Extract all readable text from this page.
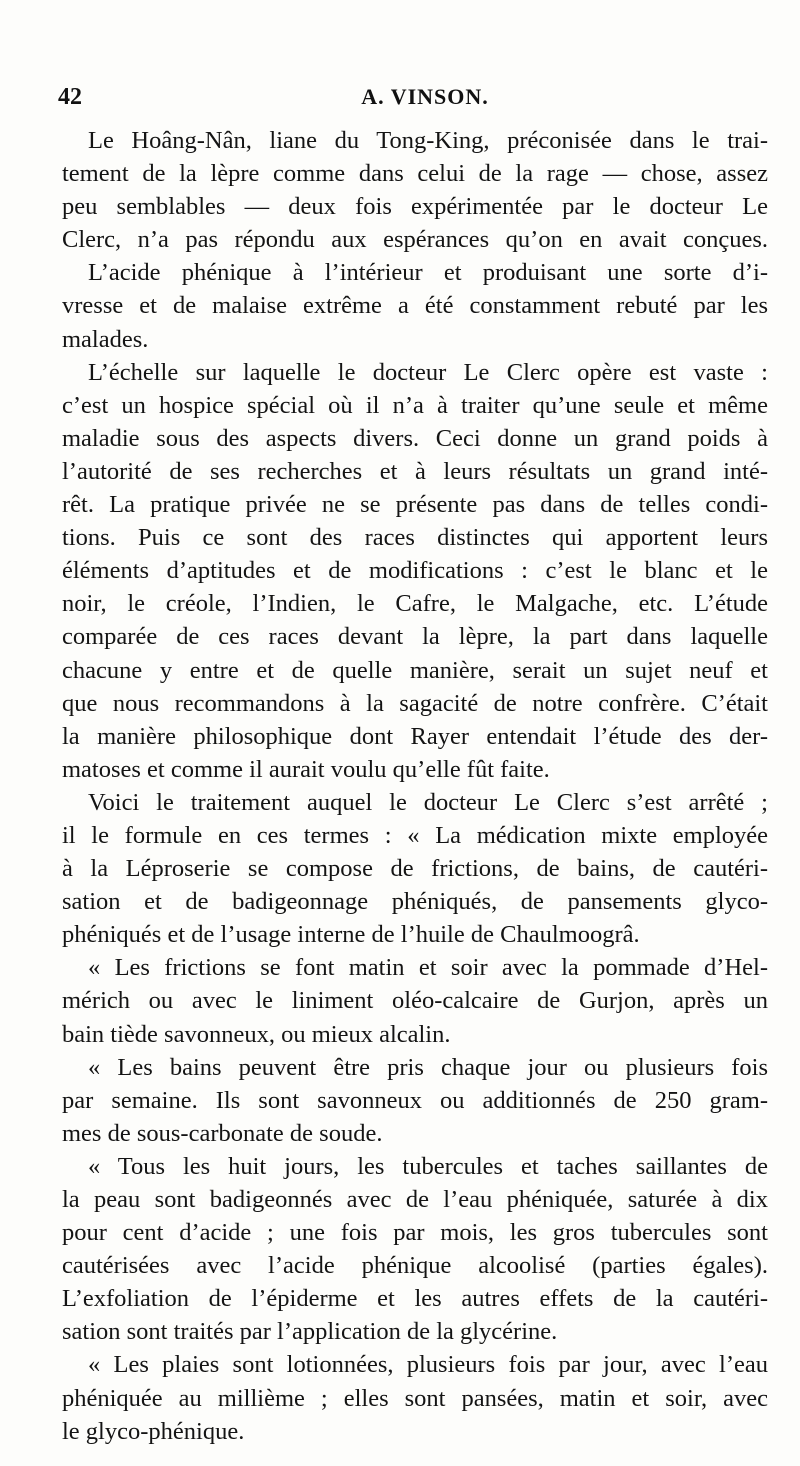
42	A. VINSON.
Le Hoâng-Nân, liane du Tong-King, préconisée dans le trai-
tement de la lèpre comme dans celui de la rage — chose, assez
peu semblables — deux fois expérimentée par le docteur Le
Clerc, n’a pas répondu aux espérances qu’on en avait conçues.
L’acide phénique à l’intérieur et produisant une sorte d’i-
vresse et de malaise extrême a été constamment rebuté par les
malades.
L’échelle sur laquelle le docteur Le Clerc opère est vaste :
c’est un hospice spécial où il n’a à traiter qu’une seule et même
maladie sous des aspects divers. Ceci donne un grand poids à
l’autorité de ses recherches et à leurs résultats un grand inté-
rêt. La pratique privée ne se présente pas dans de telles condi-
tions. Puis ce sont des races distinctes qui apportent leurs
éléments d’aptitudes et de modifications : c’est le blanc et le
noir, le créole, l’Indien, le Cafre, le Malgache, etc. L’étude
comparée de ces races devant la lèpre, la part dans laquelle
chacune y entre et de quelle manière, serait un sujet neuf et
que nous recommandons à la sagacité de notre confrère. C’était
la manière philosophique dont Rayer entendait l’étude des der-
matoses et comme il aurait voulu qu’elle fût faite.
Voici le traitement auquel le docteur Le Clerc s’est arrêté ;
il le formule en ces termes : « La médication mixte employée
à la Léproserie se compose de frictions, de bains, de cautéri-
sation et de badigeonnage phéniqués, de pansements glyco-
phéniqués et de l’usage interne de l’huile de Chaulmoogrâ.
« Les frictions se font matin et soir avec la pommade d’Hel-
mérich ou avec le liniment oléo-calcaire de Gurjon, après un
bain tiède savonneux, ou mieux alcalin.
« Les bains peuvent être pris chaque jour ou plusieurs fois
par semaine. Ils sont savonneux ou additionnés de 250 gram-
mes de sous-carbonate de soude.
« Tous les huit jours, les tubercules et taches saillantes de
la peau sont badigeonnés avec de l’eau phéniquée, saturée à dix
pour cent d’acide ; une fois par mois, les gros tubercules sont
cautérisées avec l’acide phénique alcoolisé (parties égales).
L’exfoliation de l’épiderme et les autres effets de la cautéri-
sation sont traités par l’application de la glycérine.
« Les plaies sont lotionnées, plusieurs fois par jour, avec l’eau
phéniquée au millième ; elles sont pansées, matin et soir, avec
le glyco-phénique.
